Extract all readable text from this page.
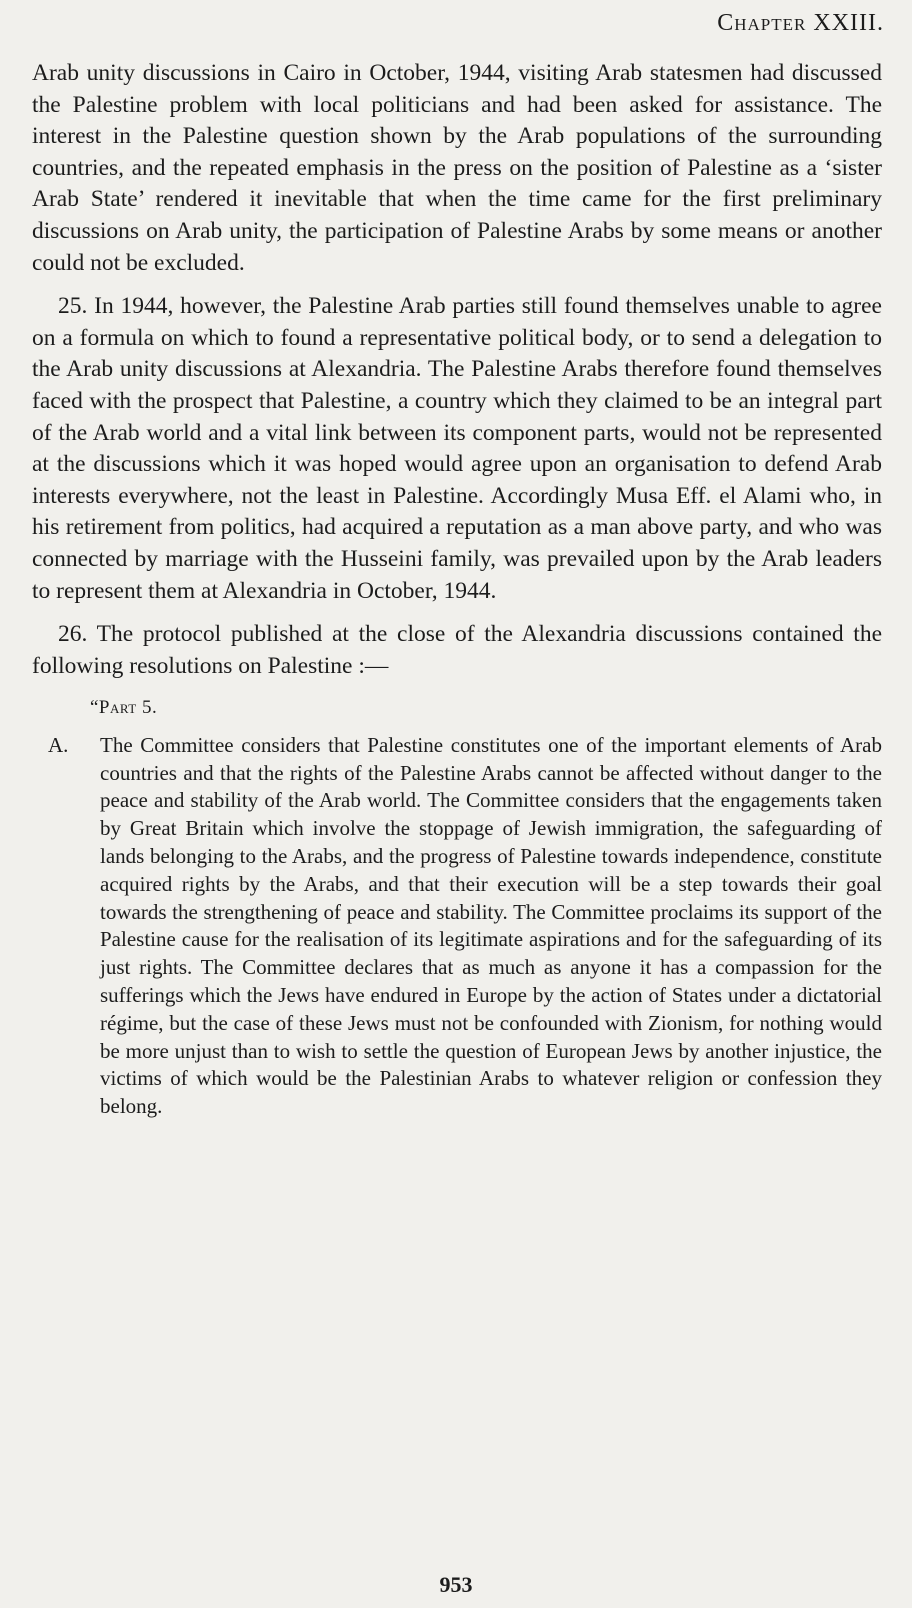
Chapter XXIII.

Arab unity discussions in Cairo in October, 1944, visiting Arab statesmen had discussed the Palestine problem with local politicians and had been asked for assistance. The interest in the Palestine question shown by the Arab populations of the surrounding countries, and the repeated emphasis in the press on the position of Palestine as a ‘sister Arab State’ rendered it inevitable that when the time came for the first preliminary discussions on Arab unity, the participation of Palestine Arabs by some means or another could not be excluded.

25. In 1944, however, the Palestine Arab parties still found themselves unable to agree on a formula on which to found a representative political body, or to send a delegation to the Arab unity discussions at Alexandria. The Palestine Arabs therefore found themselves faced with the prospect that Palestine, a country which they claimed to be an integral part of the Arab world and a vital link between its component parts, would not be represented at the discussions which it was hoped would agree upon an organisation to defend Arab interests everywhere, not the least in Palestine. Accordingly Musa Eff. el Alami who, in his retirement from politics, had acquired a reputation as a man above party, and who was connected by marriage with the Husseini family, was prevailed upon by the Arab leaders to represent them at Alexandria in October, 1944.

26. The protocol published at the close of the Alexandria discussions contained the following resolutions on Palestine :—

“Part 5.
A. The Committee considers that Palestine constitutes one of the important elements of Arab countries and that the rights of the Palestine Arabs cannot be affected without danger to the peace and stability of the Arab world. The Committee considers that the engagements taken by Great Britain which involve the stoppage of Jewish immigration, the safeguarding of lands belonging to the Arabs, and the progress of Palestine towards independence, constitute acquired rights by the Arabs, and that their execution will be a step towards their goal towards the strengthening of peace and stability. The Committee proclaims its support of the Palestine cause for the realisation of its legitimate aspirations and for the safeguarding of its just rights. The Committee declares that as much as anyone it has a compassion for the sufferings which the Jews have endured in Europe by the action of States under a dictatorial régime, but the case of these Jews must not be confounded with Zionism, for nothing would be more unjust than to wish to settle the question of European Jews by another injustice, the victims of which would be the Palestinian Arabs to whatever religion or confession they belong.
953
